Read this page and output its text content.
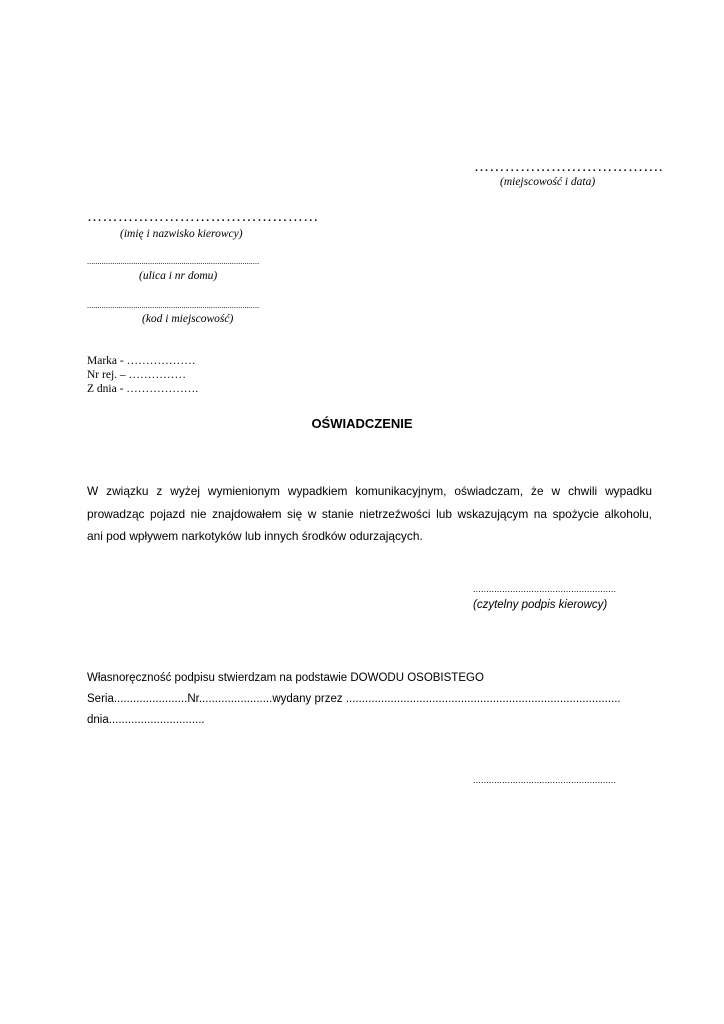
……………………………….
(miejscowość i data)
………………………………………
(imię i nazwisko kierowcy)
..................................................................................
(ulica i nr domu)
..................................................................................
(kod i miejscowość)
Marka - ………………
Nr rej. – ……………
Z dnia - ……………….
OŚWIADCZENIE
W związku z wyżej wymienionym wypadkiem komunikacyjnym, oświadczam, że w chwili wypadku
prowadząc pojazd nie znajdowałem się w stanie nietrzeźwości lub wskazującym na spożycie alkoholu,
ani pod wpływem narkotyków lub innych środków odurzających.
......................................................
(czytelny podpis kierowcy)
Własnoręczność podpisu stwierdzam na podstawie DOWODU OSOBISTEGO
Seria.......................Nr.......................wydany przez ......................................................................................
dnia..............................
......................................................
